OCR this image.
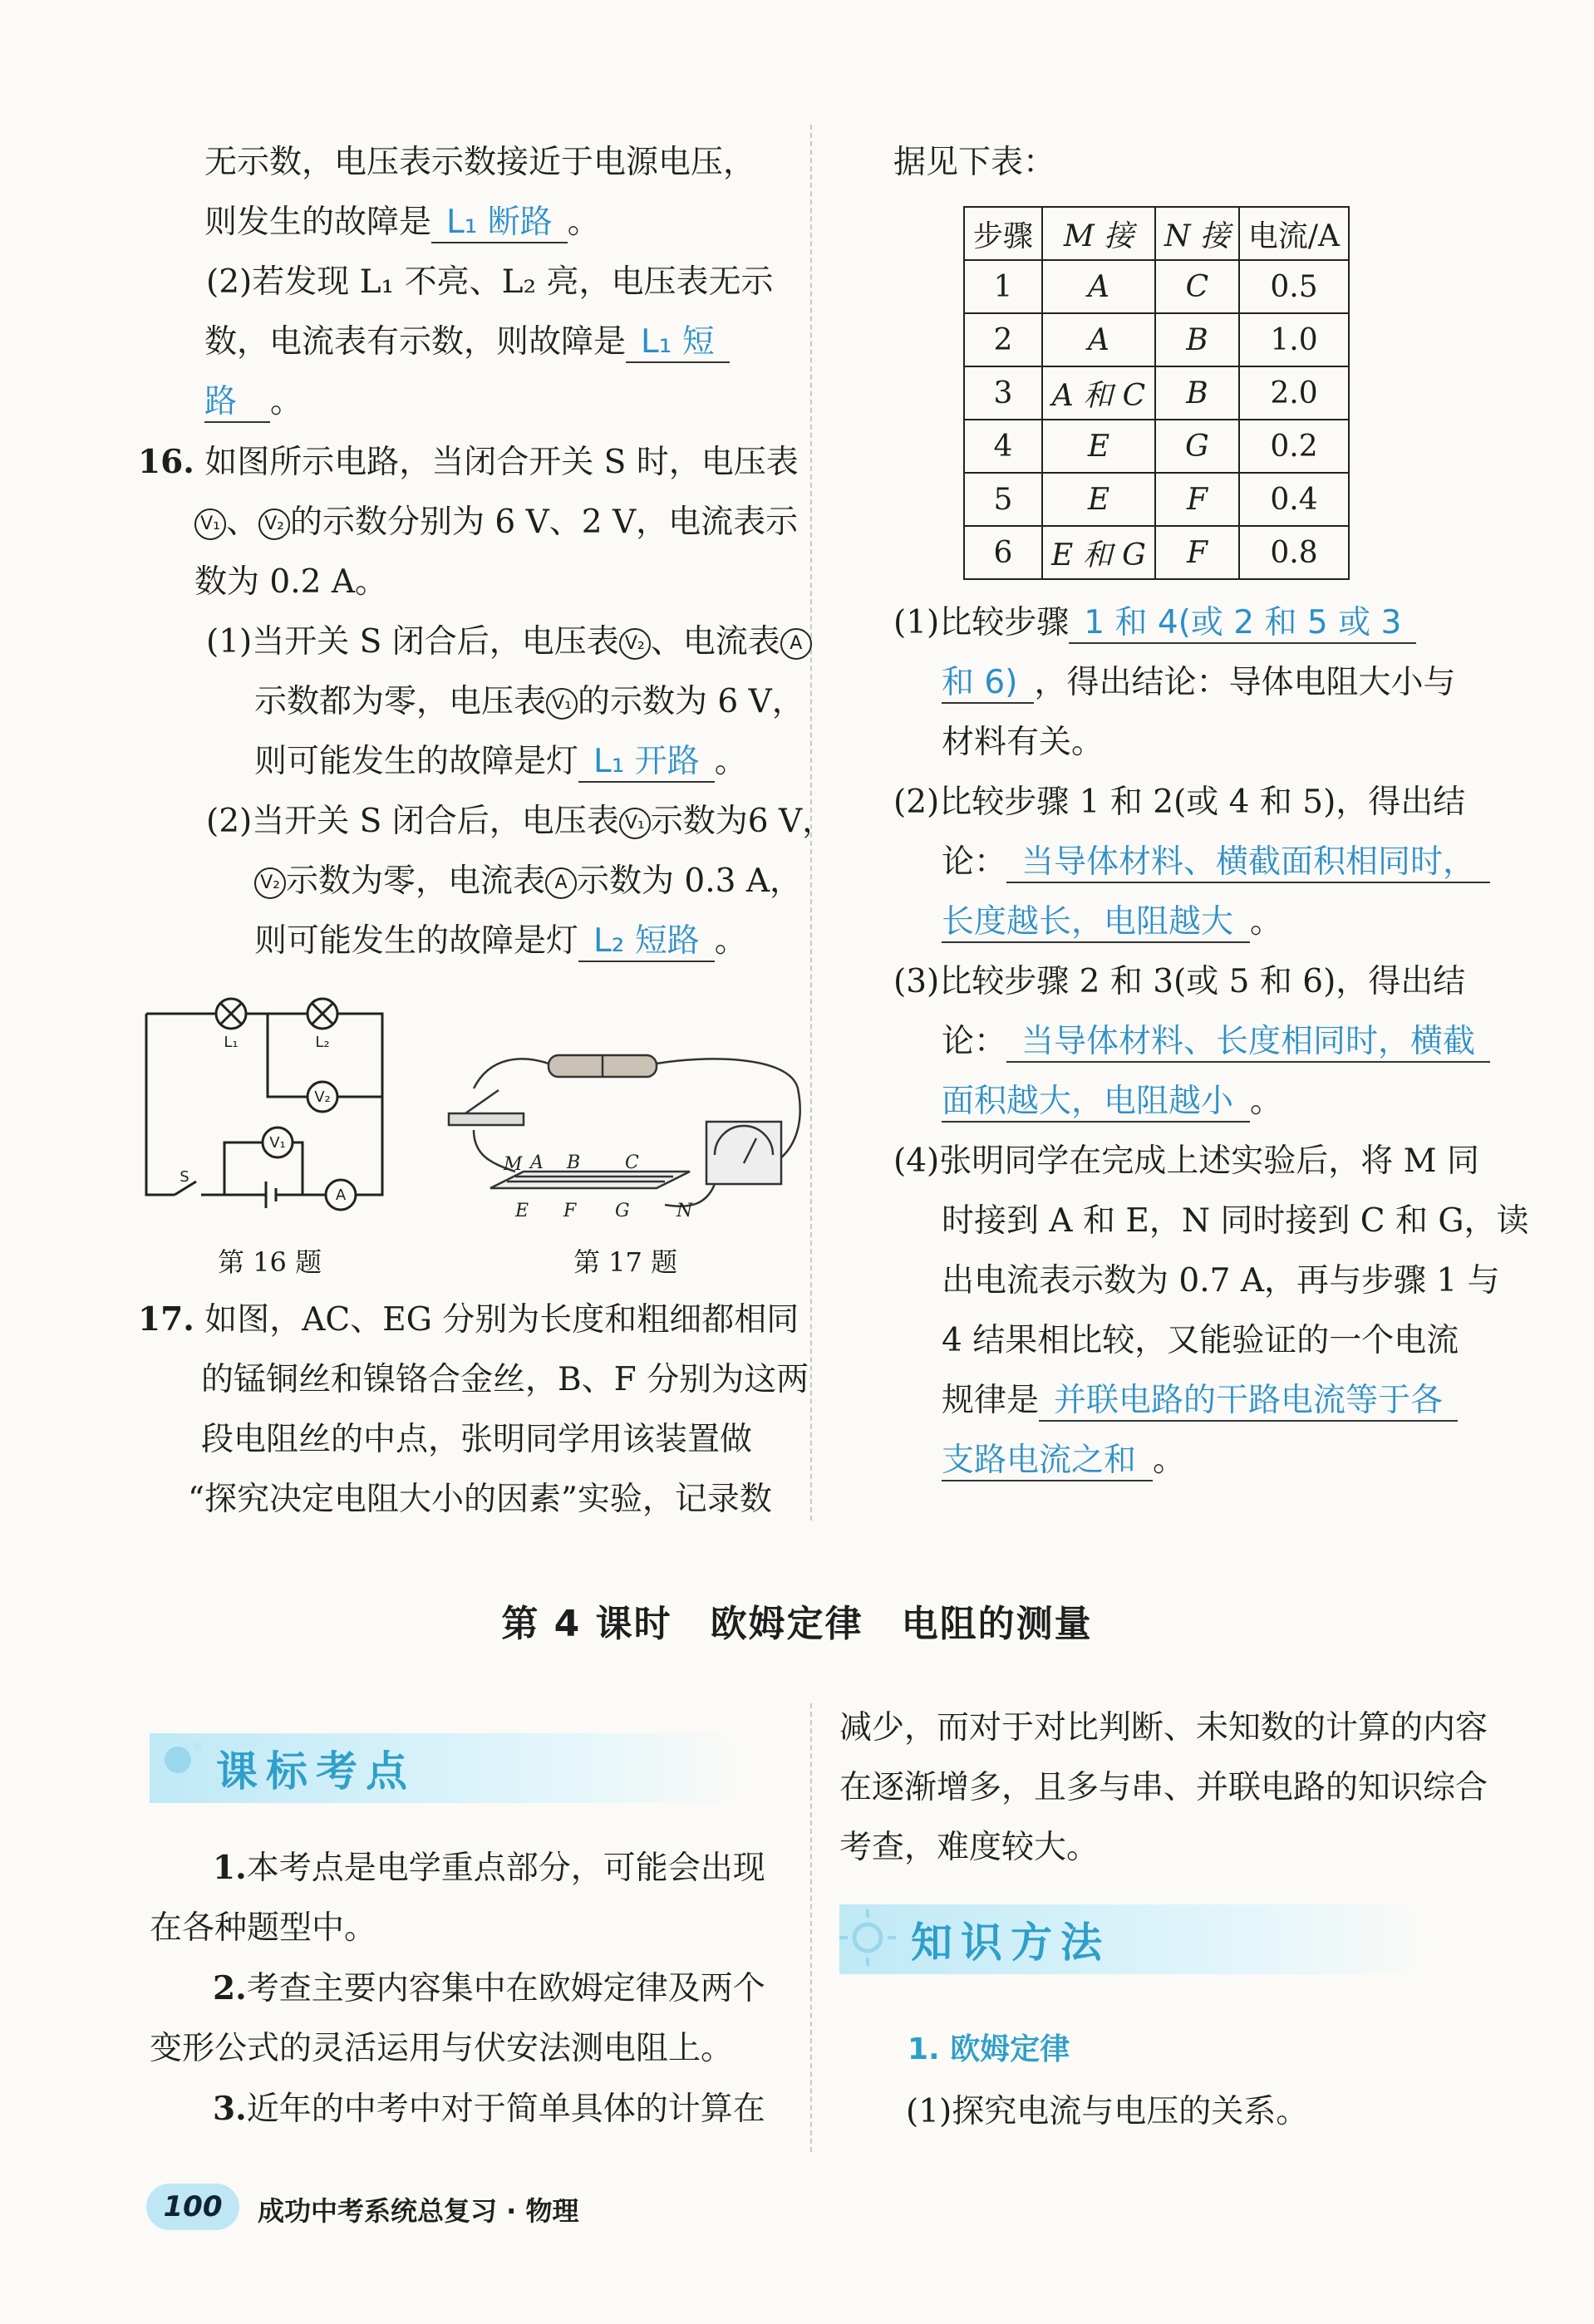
无示数，电压表示数接近于电源电压，
则发生的故障是 L₁ 断路 。
(2)若发现 L₁ 不亮、L₂ 亮，电压表无示
数，电流表有示数，则故障是 L₁ 短
路 。
16. 如图所示电路，当闭合开关 S 时，电压表
V₁ 、 V₂ 的示数分别为 6 V、2 V，电流表示
数为 0.2 A。
(1)当开关 S 闭合后，电压表 V₂ 、电流表 A
示数都为零，电压表 V₁ 的示数为 6 V，
则可能发生的故障是灯 L₁ 开路 。
(2)当开关 S 闭合后，电压表 V₁ 示数为6 V，
V₂ 示数为零，电流表 A 示数为 0.3 A，
则可能发生的故障是灯 L₂ 短路 。
L₁	L₂
V₂
V₁
A
S
M A B C
E F G	N
第 16 题	第 17 题
17. 如图，AC、EG 分别为长度和粗细都相同
的锰铜丝和镍铬合金丝，B、F 分别为这两
段电阻丝的中点，张明同学用该装置做
“探究决定电阻大小的因素”实验，记录数
据见下表：
步骤	M 接	N 接	电流/A
1	A	C	0.5
2	A	B	1.0
3	A 和 C	B	2.0
4	E	G	0.2
5	E	F	0.4
6	E 和 G	F	0.8
(1)比较步骤 1 和 4(或 2 和 5 或 3
和 6) ，得出结论：导体电阻大小与
材料有关。
(2)比较步骤 1 和 2(或 4 和 5)，得出结
论： 当导体材料、横截面积相同时，
长度越长，电阻越大 。
(3)比较步骤 2 和 3(或 5 和 6)，得出结
论： 当导体材料、长度相同时，横截
面积越大，电阻越小 。
(4)张明同学在完成上述实验后，将 M 同
时接到 A 和 E，N 同时接到 C 和 G，读
出电流表示数为 0.7 A，再与步骤 1 与
4 结果相比较，又能验证的一个电流
规律是 并联电路的干路电流等于各
支路电流之和 。
第 4 课时　欧姆定律　电阻的测量
课标考点
1.本考点是电学重点部分，可能会出现
在各种题型中。
2.考查主要内容集中在欧姆定律及两个
变形公式的灵活运用与伏安法测电阻上。
3.近年的中考中对于简单具体的计算在
减少，而对于对比判断、未知数的计算的内容
在逐渐增多，且多与串、并联电路的知识综合
考查，难度较大。
知识方法
1. 欧姆定律
(1)探究电流与电压的关系。
100	成功中考系统总复习 · 物理
